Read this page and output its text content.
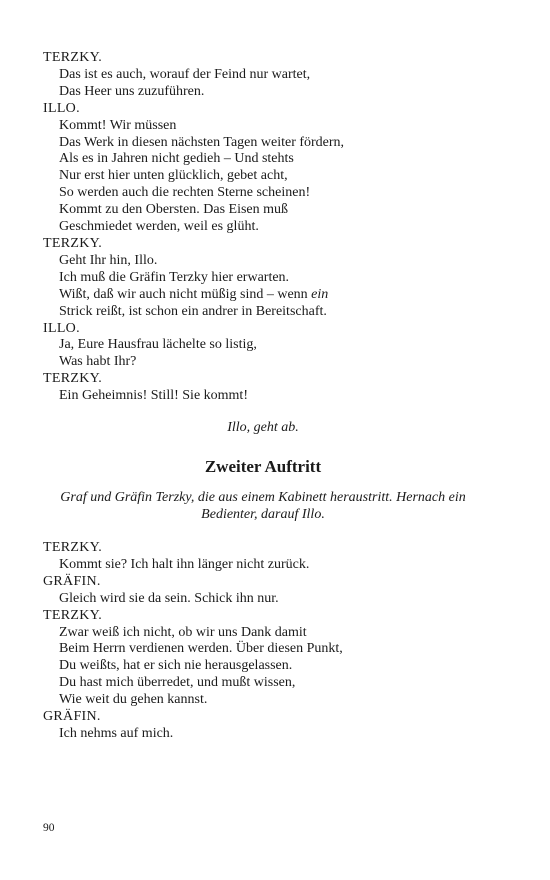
TERZKY.
Das ist es auch, worauf der Feind nur wartet,
Das Heer uns zuzuführen.
ILLO.
Kommt! Wir müssen
Das Werk in diesen nächsten Tagen weiter fördern,
Als es in Jahren nicht gedieh – Und stehts
Nur erst hier unten glücklich, gebet acht,
So werden auch die rechten Sterne scheinen!
Kommt zu den Obersten. Das Eisen muß
Geschmiedet werden, weil es glüht.
TERZKY.
Geht Ihr hin, Illo.
Ich muß die Gräfin Terzky hier erwarten.
Wißt, daß wir auch nicht müßig sind – wenn ein
Strick reißt, ist schon ein andrer in Bereitschaft.
ILLO.
Ja, Eure Hausfrau lächelte so listig,
Was habt Ihr?
TERZKY.
Ein Geheimnis! Still! Sie kommt!
Illo, geht ab.
Zweiter Auftritt
Graf und Gräfin Terzky, die aus einem Kabinett heraustritt. Hernach ein Bedienter, darauf Illo.
TERZKY.
Kommt sie? Ich halt ihn länger nicht zurück.
GRÄFIN.
Gleich wird sie da sein. Schick ihn nur.
TERZKY.
Zwar weiß ich nicht, ob wir uns Dank damit
Beim Herrn verdienen werden. Über diesen Punkt,
Du weißts, hat er sich nie herausgelassen.
Du hast mich überredet, und mußt wissen,
Wie weit du gehen kannst.
GRÄFIN.
Ich nehms auf mich.
90
